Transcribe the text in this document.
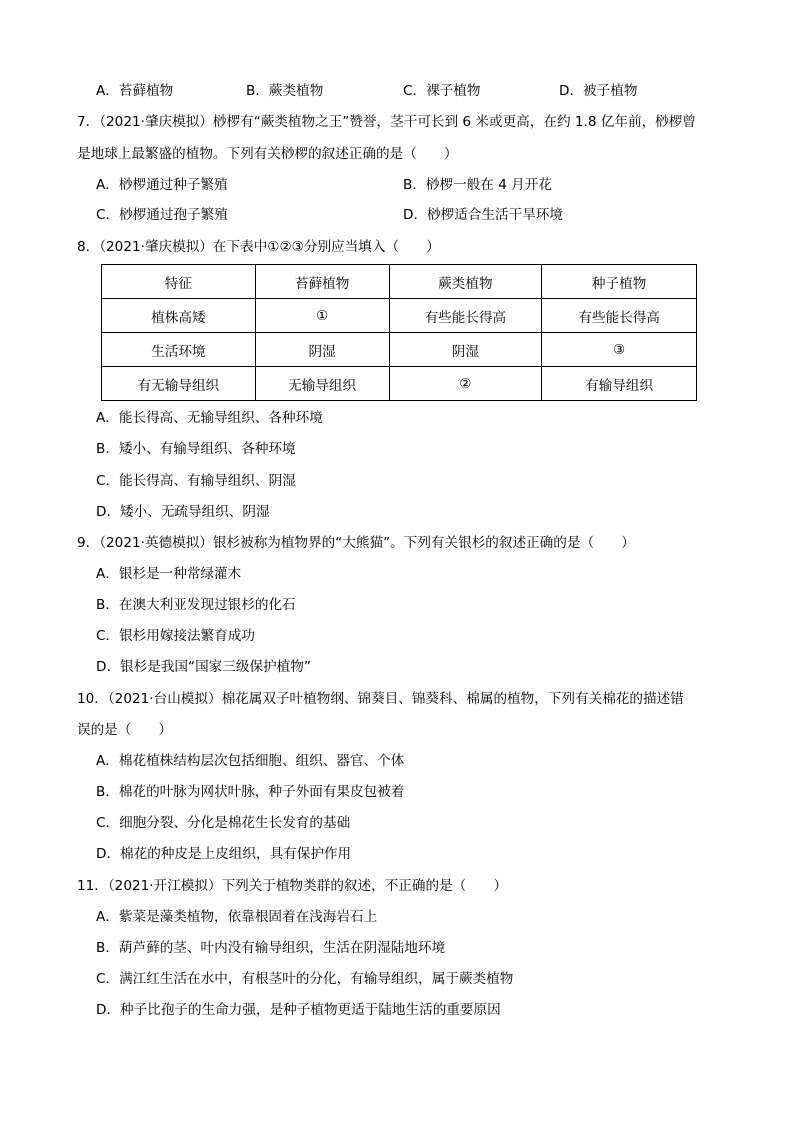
A．苔藓植物	B．蕨类植物	C．裸子植物	D．被子植物
7．（2021·肇庆模拟）桫椤有“蕨类植物之王”赞誉，茎干可长到 6 米或更高，在约 1.8 亿年前，桫椤曾
是地球上最繁盛的植物。下列有关桫椤的叙述正确的是（　　）
A．桫椤通过种子繁殖	B．桫椤一般在 4 月开花
C．桫椤通过孢子繁殖	D．桫椤适合生活干旱环境
8．（2021·肇庆模拟）在下表中①②③分别应当填入（　　）
特征	苔藓植物	蕨类植物	种子植物
植株高矮	①	有些能长得高	有些能长得高
生活环境	阴湿	阴湿	③
有无输导组织	无输导组织	②	有输导组织
A．能长得高、无输导组织、各种环境
B．矮小、有输导组织、各种环境
C．能长得高、有输导组织、阴湿
D．矮小、无疏导组织、阴湿
9．（2021·英德模拟）银杉被称为植物界的“大熊猫”。下列有关银杉的叙述正确的是（　　）
A．银杉是一种常绿灌木
B．在澳大利亚发现过银杉的化石
C．银杉用嫁接法繁育成功
D．银杉是我国“国家三级保护植物”
10．（2021·台山模拟）棉花属双子叶植物纲、锦葵目、锦葵科、棉属的植物，下列有关棉花的描述错
误的是（　　）
A．棉花植株结构层次包括细胞、组织、器官、个体
B．棉花的叶脉为网状叶脉，种子外面有果皮包被着
C．细胞分裂、分化是棉花生长发育的基础
D．棉花的种皮是上皮组织，具有保护作用
11．（2021·开江模拟）下列关于植物类群的叙述，不正确的是（　　）
A．紫菜是藻类植物，依靠根固着在浅海岩石上
B．葫芦藓的茎、叶内没有输导组织，生活在阴湿陆地环境
C．满江红生活在水中，有根茎叶的分化，有输导组织，属于蕨类植物
D．种子比孢子的生命力强，是种子植物更适于陆地生活的重要原因
